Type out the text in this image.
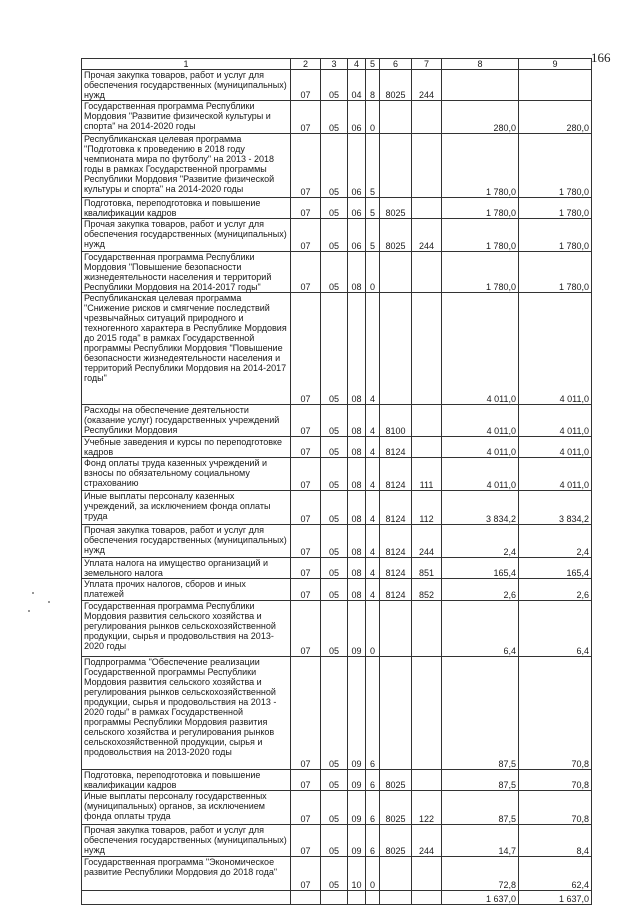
166
1	2	3	4	5	6	7	8	9
Прочая закупка товаров, работ и услуг для обеспечения государственных (муниципальных) нужд	07	05	04	8	8025	244		
Государственная программа Республики Мордовия "Развитие физической культуры и спорта" на 2014-2020 годы	07	05	06	0			280,0	280,0
Республиканская целевая программа "Подготовка к проведению в 2018 году чемпионата мира по футболу" на 2013 - 2018 годы в рамках Государственной программы Республики Мордовия "Развитие физической культуры и спорта" на 2014-2020 годы	07	05	06	5			1 780,0	1 780,0
Подготовка, переподготовка и повышение квалификации кадров	07	05	06	5	8025		1 780,0	1 780,0
Прочая закупка товаров, работ и услуг для обеспечения государственных (муниципальных) нужд	07	05	06	5	8025	244	1 780,0	1 780,0
Государственная программа Республики Мордовия "Повышение безопасности жизнедеятельности населения и территорий Республики Мордовия на 2014-2017 годы"	07	05	08	0			1 780,0	1 780,0
Республиканская целевая программа "Снижение рисков и смягчение последствий чрезвычайных ситуаций природного и техногенного характера в Республике Мордовия до 2015 года" в рамках Государственной программы Республики Мордовия "Повышение безопасности жизнедеятельности населения и территорий Республики Мордовия на 2014-2017 годы"	07	05	08	4			4 011,0	4 011,0
Расходы на обеспечение деятельности (оказание услуг) государственных учреждений Республики Мордовия	07	05	08	4	8100		4 011,0	4 011,0
Учебные заведения и курсы по переподготовке кадров	07	05	08	4	8124		4 011,0	4 011,0
Фонд оплаты труда казенных учреждений и взносы по обязательному социальному страхованию	07	05	08	4	8124	111	4 011,0	4 011,0
Иные выплаты персоналу казенных учреждений, за исключением фонда оплаты труда	07	05	08	4	8124	112	3 834,2	3 834,2
Прочая закупка товаров, работ и услуг для обеспечения государственных (муниципальных) нужд	07	05	08	4	8124	244	2,4	2,4
Уплата налога на имущество организаций и земельного налога	07	05	08	4	8124	851	165,4	165,4
Уплата прочих налогов, сборов и иных платежей	07	05	08	4	8124	852	2,6	2,6
Государственная программа Республики Мордовия развития сельского хозяйства и регулирования рынков сельскохозяйственной продукции, сырья и продовольствия на 2013-2020 годы	07	05	09	0			6,4	6,4
Подпрограмма "Обеспечение реализации Государственной программы Республики Мордовия развития сельского хозяйства и регулирования рынков сельскохозяйственной продукции, сырья и продовольствия на 2013 - 2020 годы" в рамках Государственной программы Республики Мордовия развития сельского хозяйства и регулирования рынков сельскохозяйственной продукции, сырья и продовольствия на 2013-2020 годы	07	05	09	6			87,5	70,8
Подготовка, переподготовка и повышение квалификации кадров	07	05	09	6	8025		87,5	70,8
Иные выплаты персоналу государственных (муниципальных) органов, за исключением фонда оплаты труда	07	05	09	6	8025	122	87,5	70,8
Прочая закупка товаров, работ и услуг для обеспечения государственных (муниципальных) нужд	07	05	09	6	8025	244	14,7	8,4
Государственная программа "Экономическое развитие Республики Мордовия до 2018 года"	07	05	10	0			72,8	62,4
							1 637,0	1 637,0
